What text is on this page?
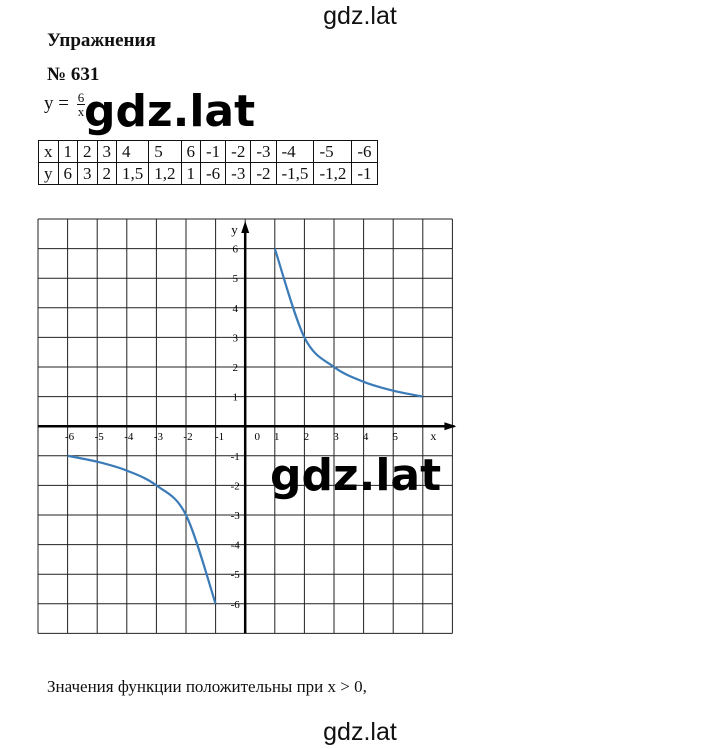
gdz.lat
Упражнения
№ 631
$y = \frac{6}{x}$
gdz.lat
x	1	2	3	4	5	6	-1	-2	-3	-4	-5	-6
y	6	3	2	1,5	1,2	1	-6	-3	-2	-1,5	-1,2	-1
y
x
-6 -5 -4 -3 -2 -1	0 1 2 3 4 5
6
5
4
3
2
1
-1
-2
-3
-4
-5
-6
gdz.lat
Значения функции положительны при x > 0,
gdz.lat
